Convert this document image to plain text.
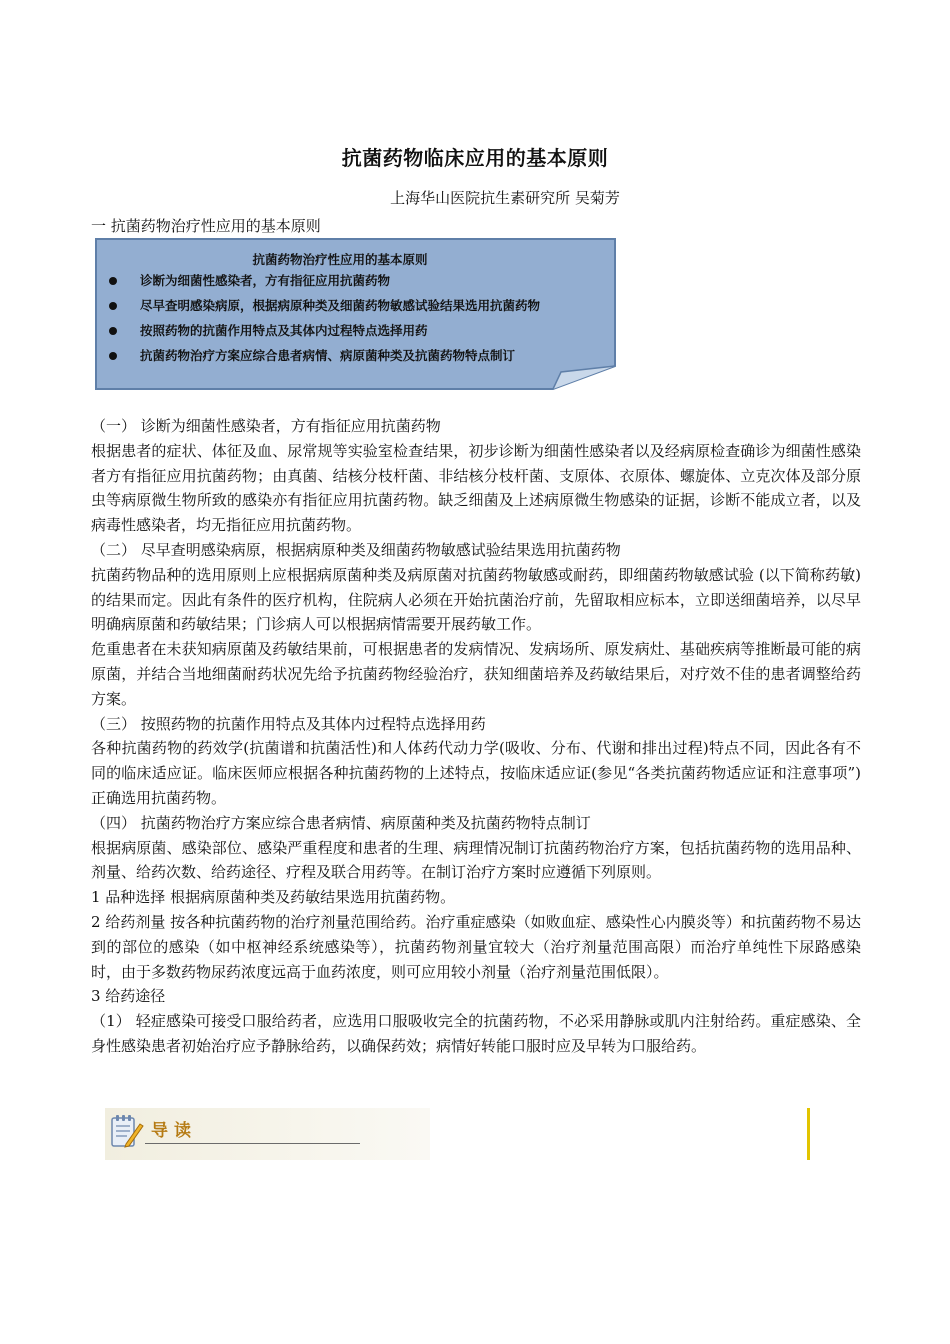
抗菌药物临床应用的基本原则
上海华山医院抗生素研究所 吴菊芳
一 抗菌药物治疗性应用的基本原则
抗菌药物治疗性应用的基本原则
诊断为细菌性感染者，方有指征应用抗菌药物
尽早查明感染病原，根据病原种类及细菌药物敏感试验结果选用抗菌药物
按照药物的抗菌作用特点及其体内过程特点选择用药
抗菌药物治疗方案应综合患者病情、病原菌种类及抗菌药物特点制订

（一） 诊断为细菌性感染者，方有指征应用抗菌药物

根据患者的症状、体征及血、尿常规等实验室检查结果，初步诊断为细菌性感染者以及经病原检查确诊为细菌性感染者方有指征应用抗菌药物；由真菌、结核分枝杆菌、非结核分枝杆菌、支原体、衣原体、螺旋体、立克次体及部分原虫等病原微生物所致的感染亦有指征应用抗菌药物。缺乏细菌及上述病原微生物感染的证据，诊断不能成立者，以及病毒性感染者，均无指征应用抗菌药物。

（二） 尽早查明感染病原，根据病原种类及细菌药物敏感试验结果选用抗菌药物

抗菌药物品种的选用原则上应根据病原菌种类及病原菌对抗菌药物敏感或耐药，即细菌药物敏感试验 (以下简称药敏)的结果而定。因此有条件的医疗机构，住院病人必须在开始抗菌治疗前，先留取相应标本，立即送细菌培养，以尽早明确病原菌和药敏结果；门诊病人可以根据病情需要开展药敏工作。

危重患者在未获知病原菌及药敏结果前，可根据患者的发病情况、发病场所、原发病灶、基础疾病等推断最可能的病原菌，并结合当地细菌耐药状况先给予抗菌药物经验治疗，获知细菌培养及药敏结果后，对疗效不佳的患者调整给药方案。

（三） 按照药物的抗菌作用特点及其体内过程特点选择用药

各种抗菌药物的药效学(抗菌谱和抗菌活性)和人体药代动力学(吸收、分布、代谢和排出过程)特点不同，因此各有不同的临床适应证。临床医师应根据各种抗菌药物的上述特点，按临床适应证(参见“各类抗菌药物适应证和注意事项”)正确选用抗菌药物。

（四） 抗菌药物治疗方案应综合患者病情、病原菌种类及抗菌药物特点制订

根据病原菌、感染部位、感染严重程度和患者的生理、病理情况制订抗菌药物治疗方案，包括抗菌药物的选用品种、剂量、给药次数、给药途径、疗程及联合用药等。在制订治疗方案时应遵循下列原则。

1 品种选择 根据病原菌种类及药敏结果选用抗菌药物。

2 给药剂量 按各种抗菌药物的治疗剂量范围给药。治疗重症感染（如败血症、感染性心内膜炎等）和抗菌药物不易达到的部位的感染（如中枢神经系统感染等），抗菌药物剂量宜较大（治疗剂量范围高限）而治疗单纯性下尿路感染时，由于多数药物尿药浓度远高于血药浓度，则可应用较小剂量（治疗剂量范围低限）。

3 给药途径

（1） 轻症感染可接受口服给药者，应选用口服吸收完全的抗菌药物，不必采用静脉或肌内注射给药。重症感染、全身性感染患者初始治疗应予静脉给药，以确保药效；病情好转能口服时应及早转为口服给药。

导读
